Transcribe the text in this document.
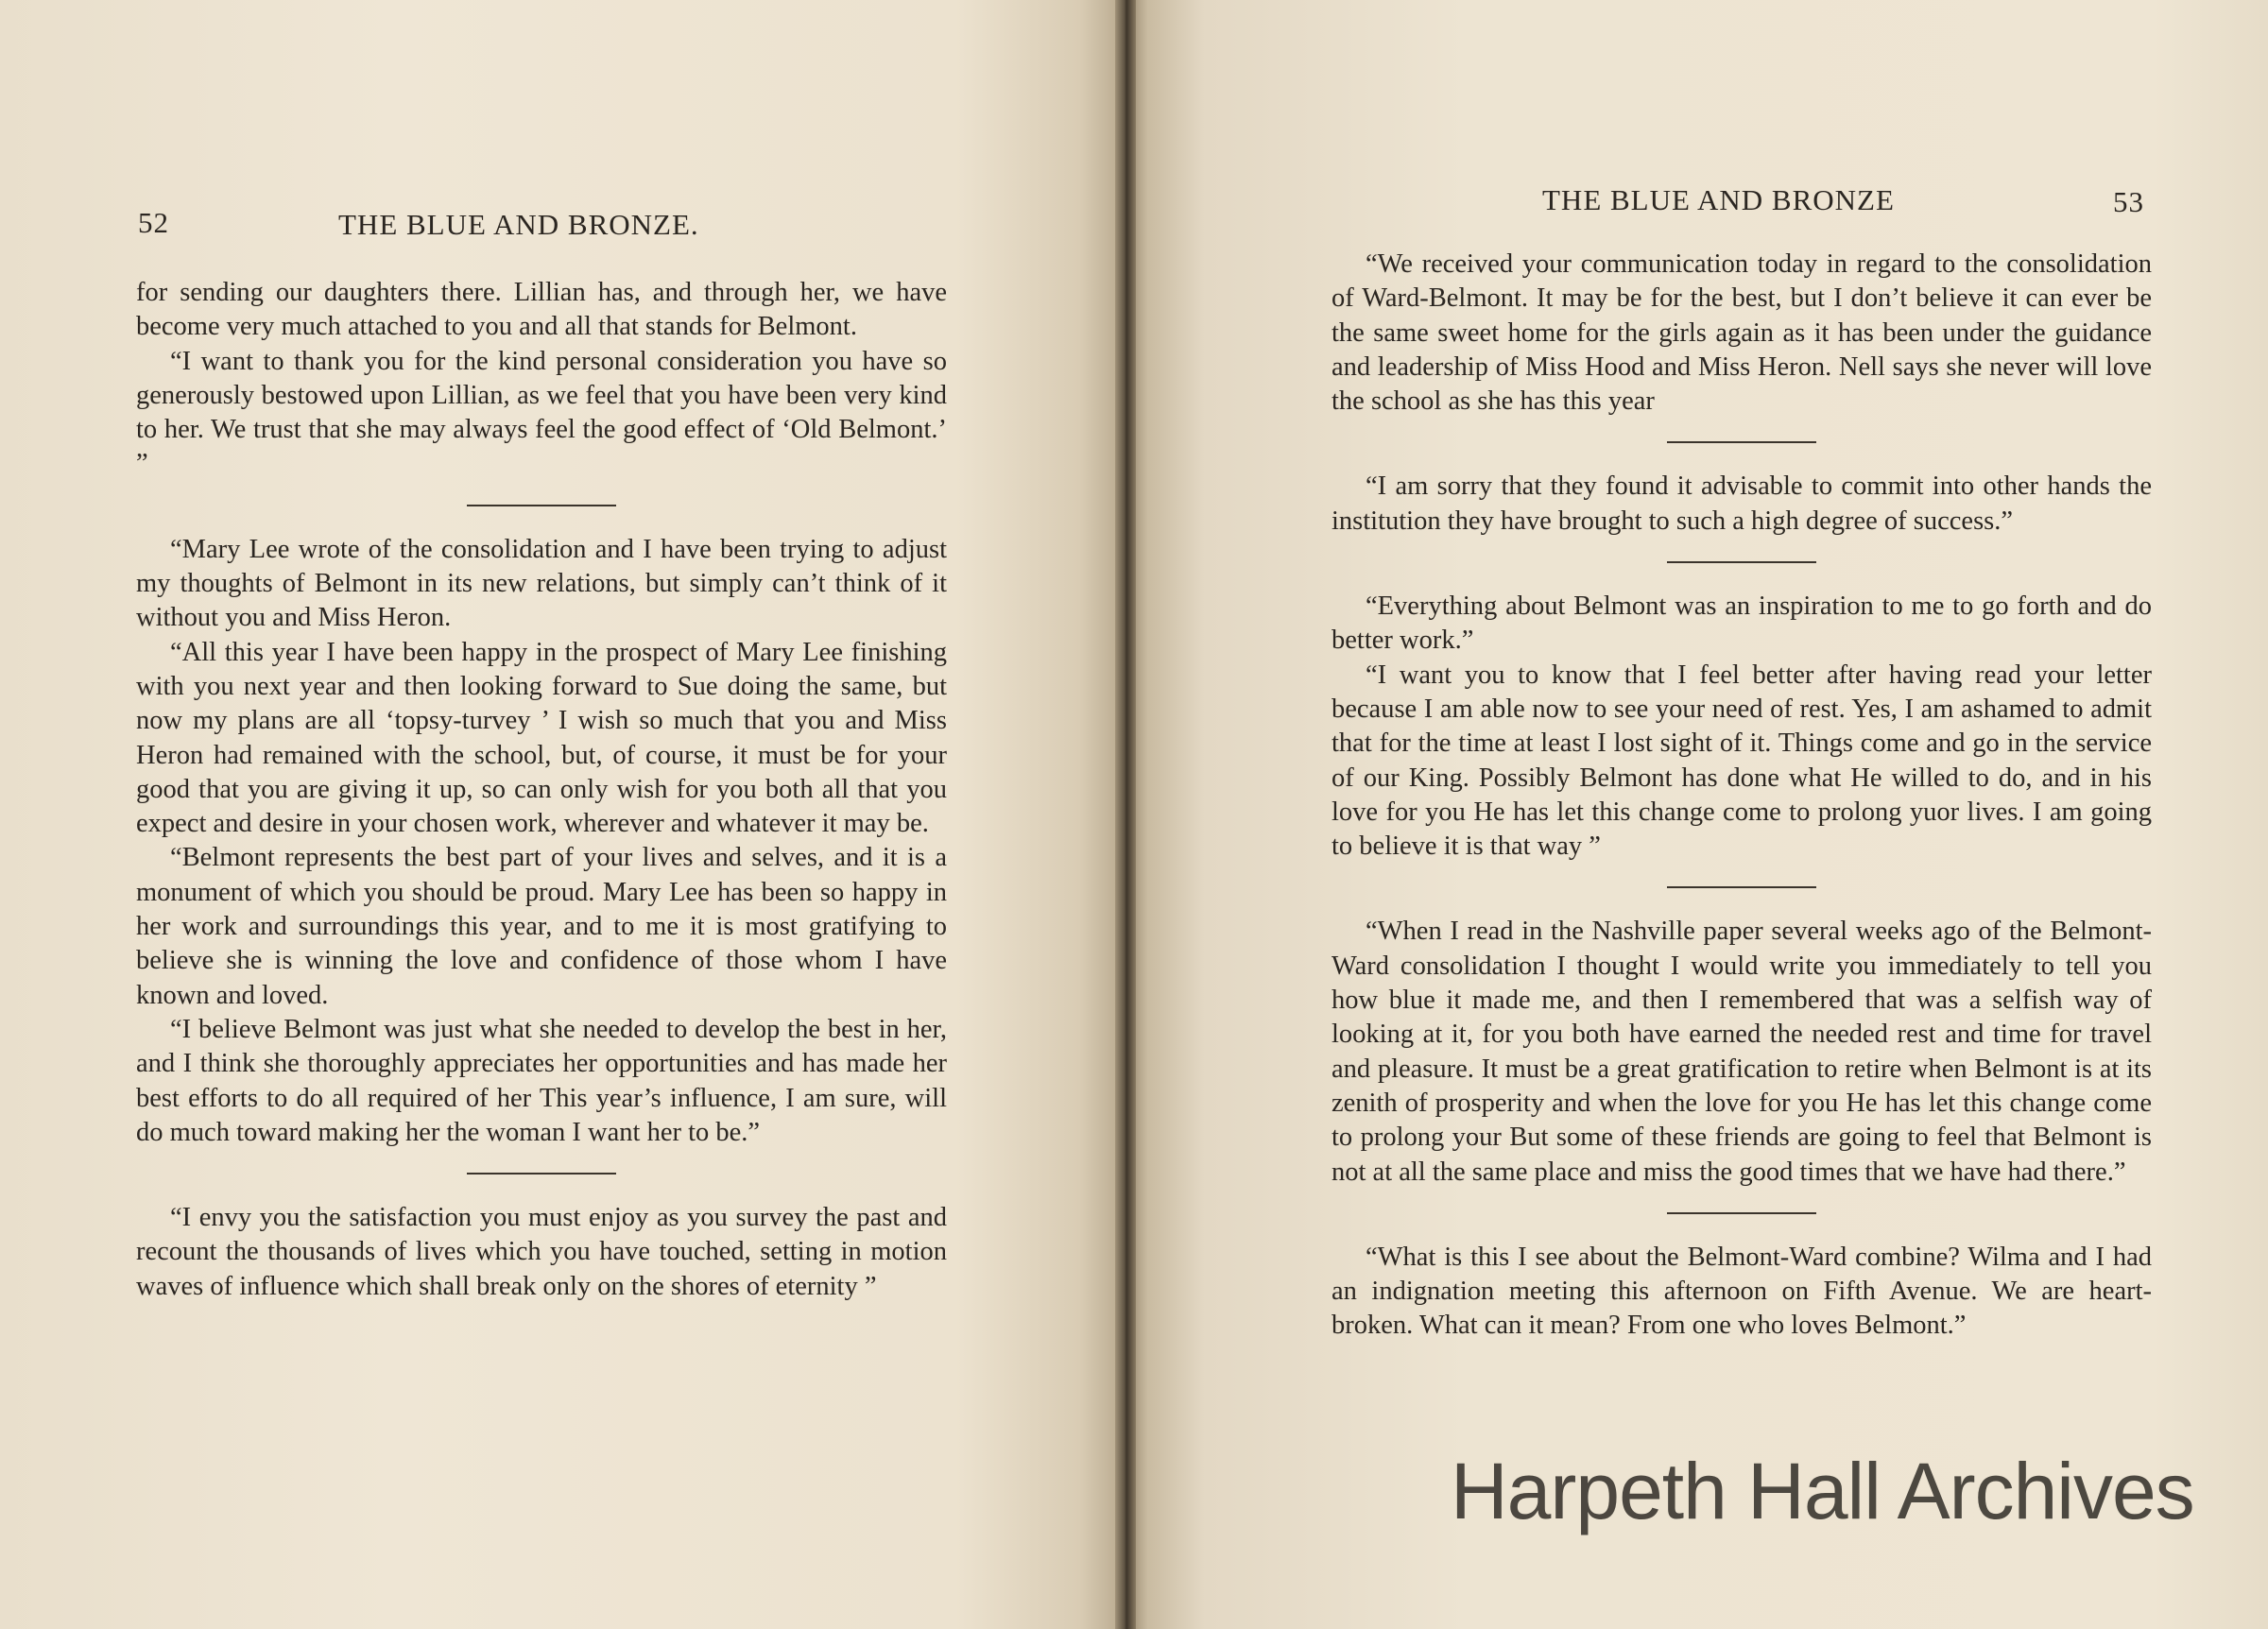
52	THE BLUE AND BRONZE.

for sending our daughters there. Lillian has, and through her, we have become very much attached to you and all that stands for Belmont.

“I want to thank you for the kind personal consideration you have so generously bestowed upon Lillian, as we feel that you have been very kind to her. We trust that she may always feel the good effect of ‘Old Belmont.’ ”

“Mary Lee wrote of the consolidation and I have been trying to adjust my thoughts of Belmont in its new relations, but simply can’t think of it without you and Miss Heron.

“All this year I have been happy in the prospect of Mary Lee finishing with you next year and then looking forward to Sue doing the same, but now my plans are all ‘topsy-turvey ’ I wish so much that you and Miss Heron had remained with the school, but, of course, it must be for your good that you are giving it up, so can only wish for you both all that you expect and desire in your chosen work, wherever and whatever it may be.

“Belmont represents the best part of your lives and selves, and it is a monument of which you should be proud. Mary Lee has been so happy in her work and surroundings this year, and to me it is most gratifying to believe she is winning the love and confidence of those whom I have known and loved.

“I believe Belmont was just what she needed to develop the best in her, and I think she thoroughly appreciates her opportunities and has made her best efforts to do all required of her This year’s influence, I am sure, will do much toward making her the woman I want her to be.”

“I envy you the satisfaction you must enjoy as you survey the past and recount the thousands of lives which you have touched, setting in motion waves of influence which shall break only on the shores of eternity ”

THE BLUE AND BRONZE	53

“We received your communication today in regard to the consolidation of Ward-Belmont. It may be for the best, but I don’t believe it can ever be the same sweet home for the girls again as it has been under the guidance and leadership of Miss Hood and Miss Heron. Nell says she never will love the school as she has this year

“I am sorry that they found it advisable to commit into other hands the institution they have brought to such a high degree of success.”

“Everything about Belmont was an inspiration to me to go forth and do better work.”

“I want you to know that I feel better after having read your letter because I am able now to see your need of rest. Yes, I am ashamed to admit that for the time at least I lost sight of it. Things come and go in the service of our King. Possibly Belmont has done what He willed to do, and in his love for you He has let this change come to prolong yuor lives. I am going to believe it is that way ”

“When I read in the Nashville paper several weeks ago of the Belmont-Ward consolidation I thought I would write you immediately to tell you how blue it made me, and then I remembered that was a selfish way of looking at it, for you both have earned the needed rest and time for travel and pleasure. It must be a great gratification to retire when Belmont is at its zenith of prosperity and when the love for you He has let this change come to prolong your But some of these friends are going to feel that Belmont is not at all the same place and miss the good times that we have had there.”

“What is this I see about the Belmont-Ward combine? Wilma and I had an indignation meeting this afternoon on Fifth Avenue. We are heart-broken. What can it mean? From one who loves Belmont.”

Harpeth Hall Archives
